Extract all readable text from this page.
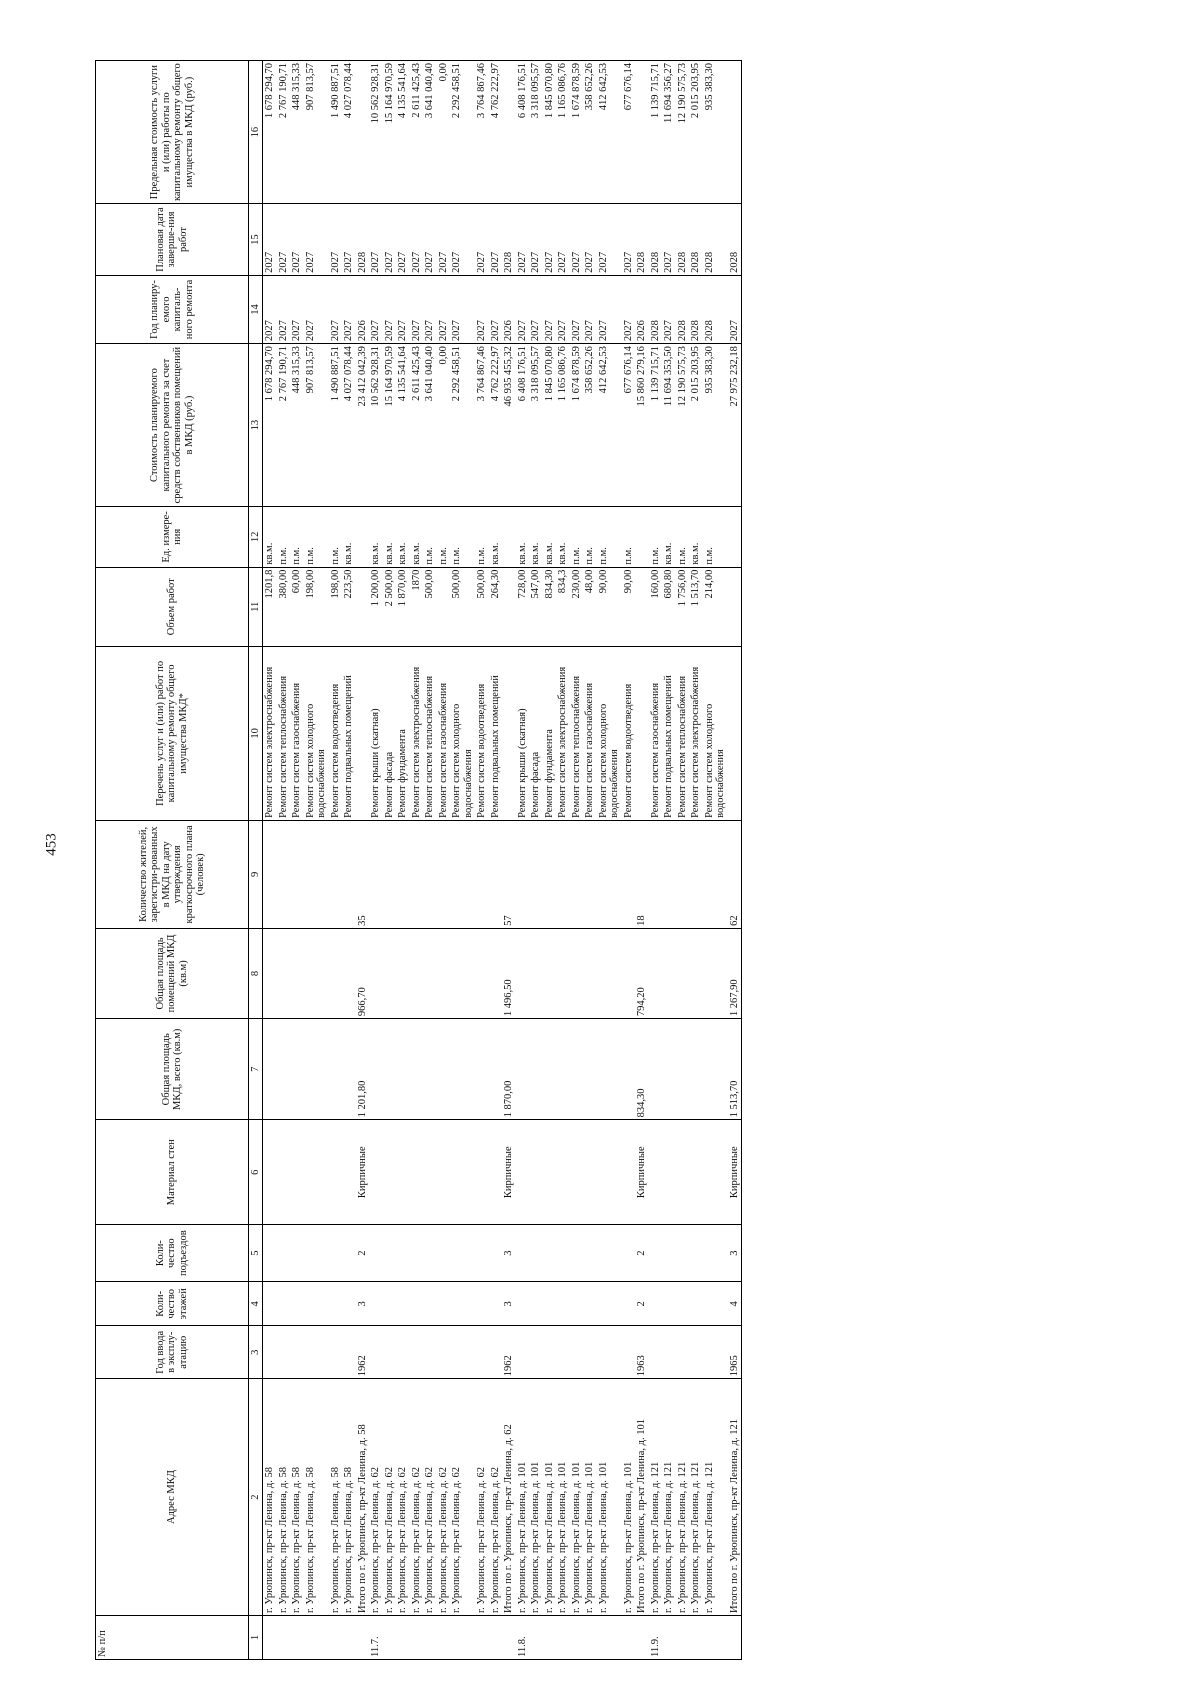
453
№ п/п	Адрес МКД	Год ввода в эксплу-атацию	Коли-чество этажей	Коли-чество подъездов	Материал стен	Общая площадь МКД, всего (кв.м)	Общая площадь помещений МКД (кв.м)	Количество жителей, зарегистри-рованных в МКД на дату утверждения краткосрочного плана (человек)	Перечень услуг и (или) работ по капитальному ремонту общего имущества МКД*	Объем работ	Ед. измере-ния	Стоимость планируемого капитального ремонта за счет средств собственников помещений в МКД (руб.)	Год планиру-емого капиталь-ного ремонта	Плановая дата заверше-ния работ	Предельная стоимость услуги и (или) работы по капитальному ремонту общего имущества в МКД (руб.)
1	2	3	4	5	6	7	8	9	10	11	12	13	14	15	16
	г. Урюпинск, пр-кт Ленина, д. 58								Ремонт систем электроснабжения	1201,8	кв.м.	1 678 294,70	2027	2027	1 678 294,70
	г. Урюпинск, пр-кт Ленина, д. 58								Ремонт систем теплоснабжения	380,00	п.м.	2 767 190,71	2027	2027	2 767 190,71
	г. Урюпинск, пр-кт Ленина, д. 58								Ремонт систем газоснабжения	60,00	п.м.	448 315,33	2027	2027	448 315,33
	г. Урюпинск, пр-кт Ленина, д. 58								Ремонт систем холодного водоснабжения	198,00	п.м.	907 813,57	2027	2027	907 813,57
	г. Урюпинск, пр-кт Ленина, д. 58								Ремонт систем водоотведения	198,00	п.м.	1 490 887,51	2027	2027	1 490 887,51
	г. Урюпинск, пр-кт Ленина, д. 58								Ремонт подвальных помещений	223,50	кв.м.	4 027 078,44	2027	2027	4 027 078,44
	Итого по г. Урюпинск, пр-кт Ленина, д. 58	1962	3	2	Кирпичные	1 201,80	966,70	35				23 412 042,39	2026	2028	
11.7.	г. Урюпинск, пр-кт Ленина, д. 62								Ремонт крыши (скатная)	1 200,00	кв.м.	10 562 928,31	2027	2027	10 562 928,31
	г. Урюпинск, пр-кт Ленина, д. 62								Ремонт фасада	2 500,00	кв.м.	15 164 970,59	2027	2027	15 164 970,59
	г. Урюпинск, пр-кт Ленина, д. 62								Ремонт фундамента	1 870,00	кв.м.	4 135 541,64	2027	2027	4 135 541,64
	г. Урюпинск, пр-кт Ленина, д. 62								Ремонт систем электроснабжения	1870	кв.м.	2 611 425,43	2027	2027	2 611 425,43
	г. Урюпинск, пр-кт Ленина, д. 62								Ремонт систем теплоснабжения	500,00	п.м.	3 641 040,40	2027	2027	3 641 040,40
	г. Урюпинск, пр-кт Ленина, д. 62								Ремонт систем газоснабжения		п.м.	0,00	2027	2027	0,00
	г. Урюпинск, пр-кт Ленина, д. 62								Ремонт систем холодного водоснабжения	500,00	п.м.	2 292 458,51	2027	2027	2 292 458,51
	г. Урюпинск, пр-кт Ленина, д. 62								Ремонт систем водоотведения	500,00	п.м.	3 764 867,46	2027	2027	3 764 867,46
	г. Урюпинск, пр-кт Ленина, д. 62								Ремонт подвальных помещений	264,30	кв.м.	4 762 222,97	2027	2027	4 762 222,97
	Итого по г. Урюпинск, пр-кт Ленина, д. 62	1962	3	3	Кирпичные	1 870,00	1 496,50	57				46 935 455,32	2026	2028	
11.8.	г. Урюпинск, пр-кт Ленина, д. 101								Ремонт крыши (скатная)	728,00	кв.м.	6 408 176,51	2027	2027	6 408 176,51
	г. Урюпинск, пр-кт Ленина, д. 101								Ремонт фасада	547,00	кв.м.	3 318 095,57	2027	2027	3 318 095,57
	г. Урюпинск, пр-кт Ленина, д. 101								Ремонт фундамента	834,30	кв.м.	1 845 070,80	2027	2027	1 845 070,80
	г. Урюпинск, пр-кт Ленина, д. 101								Ремонт систем электроснабжения	834,3	кв.м.	1 165 086,76	2027	2027	1 165 086,76
	г. Урюпинск, пр-кт Ленина, д. 101								Ремонт систем теплоснабжения	230,00	п.м.	1 674 878,59	2027	2027	1 674 878,59
	г. Урюпинск, пр-кт Ленина, д. 101								Ремонт систем газоснабжения	48,00	п.м.	358 652,26	2027	2027	358 652,26
	г. Урюпинск, пр-кт Ленина, д. 101								Ремонт систем холодного водоснабжения	90,00	п.м.	412 642,53	2027	2027	412 642,53
	г. Урюпинск, пр-кт Ленина, д. 101								Ремонт систем водоотведения	90,00	п.м.	677 676,14	2027	2027	677 676,14
	Итого по г. Урюпинск, пр-кт Ленина, д. 101	1963	2	2	Кирпичные	834,30	794,20	18				15 860 279,16	2026	2028	
11.9.	г. Урюпинск, пр-кт Ленина, д. 121								Ремонт систем газоснабжения	160,00	п.м.	1 139 715,71	2028	2028	1 139 715,71
	г. Урюпинск, пр-кт Ленина, д. 121								Ремонт подвальных помещений	680,80	кв.м.	11 694 353,50	2027	2027	11 694 356,27
	г. Урюпинск, пр-кт Ленина, д. 121								Ремонт систем теплоснабжения	1 756,00	п.м.	12 190 575,73	2028	2028	12 190 575,73
	г. Урюпинск, пр-кт Ленина, д. 121								Ремонт систем электроснабжения	1 513,70	кв.м.	2 015 203,95	2028	2028	2 015 203,95
	г. Урюпинск, пр-кт Ленина, д. 121								Ремонт систем холодного водоснабжения	214,00	п.м.	935 383,30	2028	2028	935 383,30
	Итого по г. Урюпинск, пр-кт Ленина, д. 121	1965	4	3	Кирпичные	1 513,70	1 267,90	62				27 975 232,18	2027	2028	
